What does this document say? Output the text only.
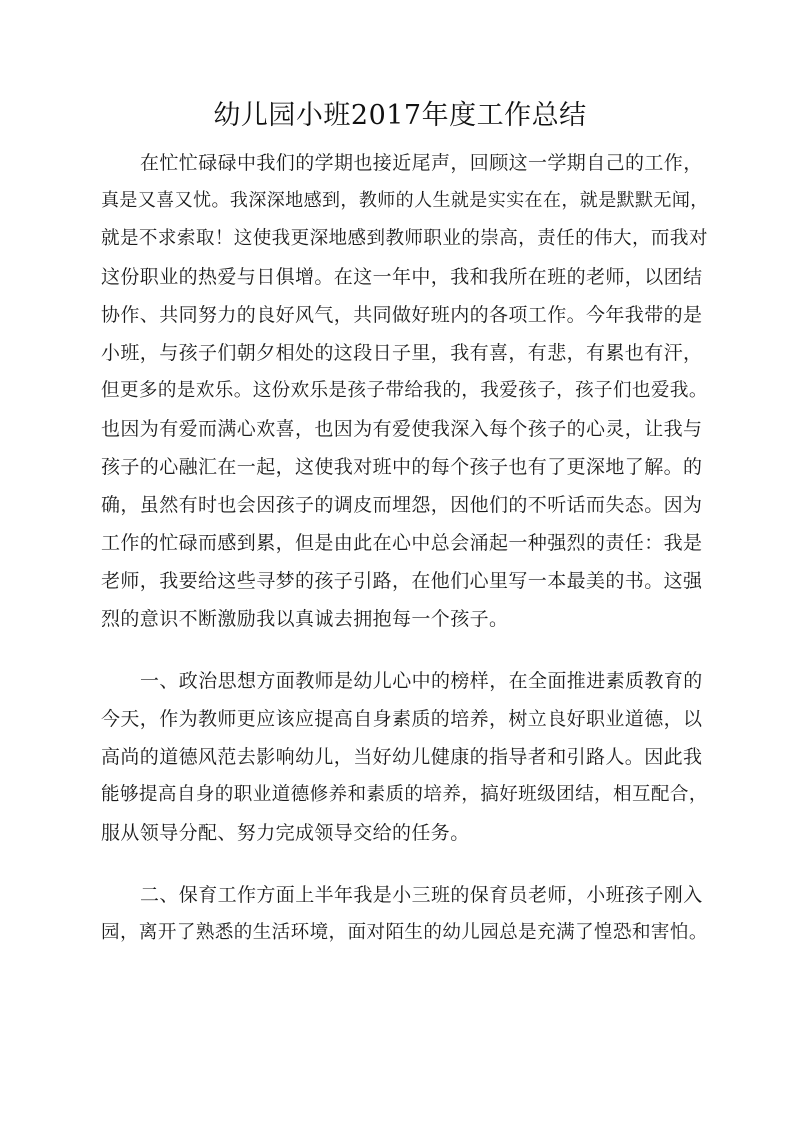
幼儿园小班2017年度工作总结
在忙忙碌碌中我们的学期也接近尾声，回顾这一学期自己的工作，
真是又喜又忧。我深深地感到，教师的人生就是实实在在，就是默默无闻，
就是不求索取！这使我更深地感到教师职业的崇高，责任的伟大，而我对
这份职业的热爱与日俱增。在这一年中，我和我所在班的老师，以团结
协作、共同努力的良好风气，共同做好班内的各项工作。今年我带的是
小班，与孩子们朝夕相处的这段日子里，我有喜，有悲，有累也有汗，
但更多的是欢乐。这份欢乐是孩子带给我的，我爱孩子，孩子们也爱我。
也因为有爱而满心欢喜，也因为有爱使我深入每个孩子的心灵，让我与
孩子的心融汇在一起，这使我对班中的每个孩子也有了更深地了解。的
确，虽然有时也会因孩子的调皮而埋怨，因他们的不听话而失态。因为
工作的忙碌而感到累，但是由此在心中总会涌起一种强烈的责任：我是
老师，我要给这些寻梦的孩子引路，在他们心里写一本最美的书。这强
烈的意识不断激励我以真诚去拥抱每一个孩子。
一、政治思想方面教师是幼儿心中的榜样，在全面推进素质教育的
今天，作为教师更应该应提高自身素质的培养，树立良好职业道德，以
高尚的道德风范去影响幼儿，当好幼儿健康的指导者和引路人。因此我
能够提高自身的职业道德修养和素质的培养，搞好班级团结，相互配合，
服从领导分配、努力完成领导交给的任务。
二、保育工作方面上半年我是小三班的保育员老师，小班孩子刚入
园，离开了熟悉的生活环境，面对陌生的幼儿园总是充满了惶恐和害怕。
